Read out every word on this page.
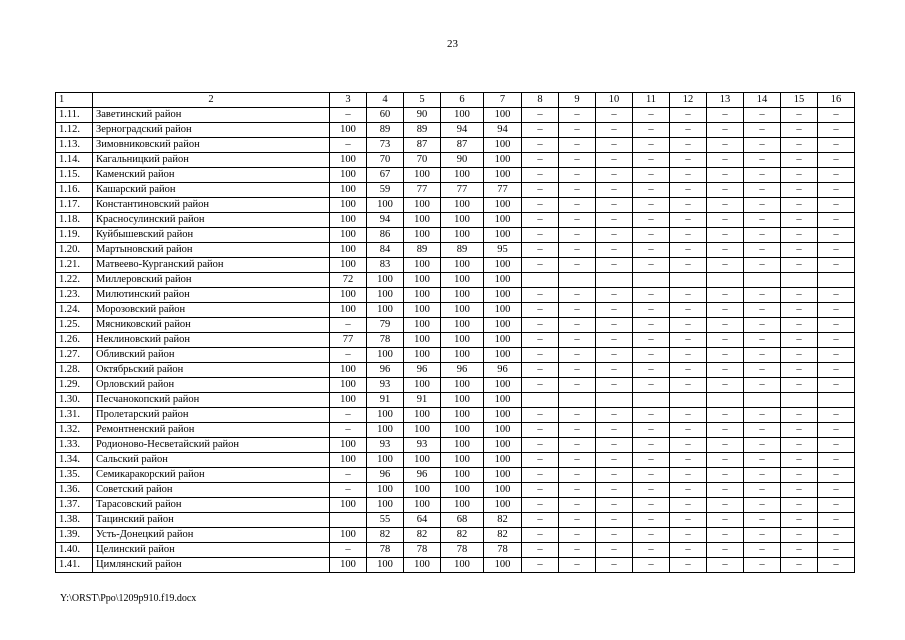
23
1	2	3	4	5	6	7	8	9	10	11	12	13	14	15	16
1.11.	Заветинский район	–	60	90	100	100	–	–	–	–	–	–	–	–	–
1.12.	Зерноградский район	100	89	89	94	94	–	–	–	–	–	–	–	–	–
1.13.	Зимовниковский район	–	73	87	87	100	–	–	–	–	–	–	–	–	–
1.14.	Кагальницкий район	100	70	70	90	100	–	–	–	–	–	–	–	–	–
1.15.	Каменский район	100	67	100	100	100	–	–	–	–	–	–	–	–	–
1.16.	Кашарский район	100	59	77	77	77	–	–	–	–	–	–	–	–	–
1.17.	Константиновский район	100	100	100	100	100	–	–	–	–	–	–	–	–	–
1.18.	Красносулинский район	100	94	100	100	100	–	–	–	–	–	–	–	–	–
1.19.	Куйбышевский район	100	86	100	100	100	–	–	–	–	–	–	–	–	–
1.20.	Мартыновский район	100	84	89	89	95	–	–	–	–	–	–	–	–	–
1.21.	Матвеево-Курганский район	100	83	100	100	100	–	–	–	–	–	–	–	–	–
1.22.	Миллеровский район	72	100	100	100	100									
1.23.	Милютинский район	100	100	100	100	100	–	–	–	–	–	–	–	–	–
1.24.	Морозовский район	100	100	100	100	100	–	–	–	–	–	–	–	–	–
1.25.	Мясниковский район	–	79	100	100	100	–	–	–	–	–	–	–	–	–
1.26.	Неклиновский район	77	78	100	100	100	–	–	–	–	–	–	–	–	–
1.27.	Обливский район	–	100	100	100	100	–	–	–	–	–	–	–	–	–
1.28.	Октябрьский район	100	96	96	96	96	–	–	–	–	–	–	–	–	–
1.29.	Орловский район	100	93	100	100	100	–	–	–	–	–	–	–	–	–
1.30.	Песчанокопский район	100	91	91	100	100									
1.31.	Пролетарский район	–	100	100	100	100	–	–	–	–	–	–	–	–	–
1.32.	Ремонтненский район	–	100	100	100	100	–	–	–	–	–	–	–	–	–
1.33.	Родионово-Несветайский район	100	93	93	100	100	–	–	–	–	–	–	–	–	–
1.34.	Сальский район	100	100	100	100	100	–	–	–	–	–	–	–	–	–
1.35.	Семикаракорский район	–	96	96	100	100	–	–	–	–	–	–	–	–	–
1.36.	Советский район	–	100	100	100	100	–	–	–	–	–	–	–	–	–
1.37.	Тарасовский район	100	100	100	100	100	–	–	–	–	–	–	–	–	–
1.38.	Тацинский район		55	64	68	82	–	–	–	–	–	–	–	–	–
1.39.	Усть-Донецкий район	100	82	82	82	82	–	–	–	–	–	–	–	–	–
1.40.	Целинский район	–	78	78	78	78	–	–	–	–	–	–	–	–	–
1.41.	Цимлянский район	100	100	100	100	100	–	–	–	–	–	–	–	–	–
Y:\ORST\Ppo\1209p910.f19.docx
